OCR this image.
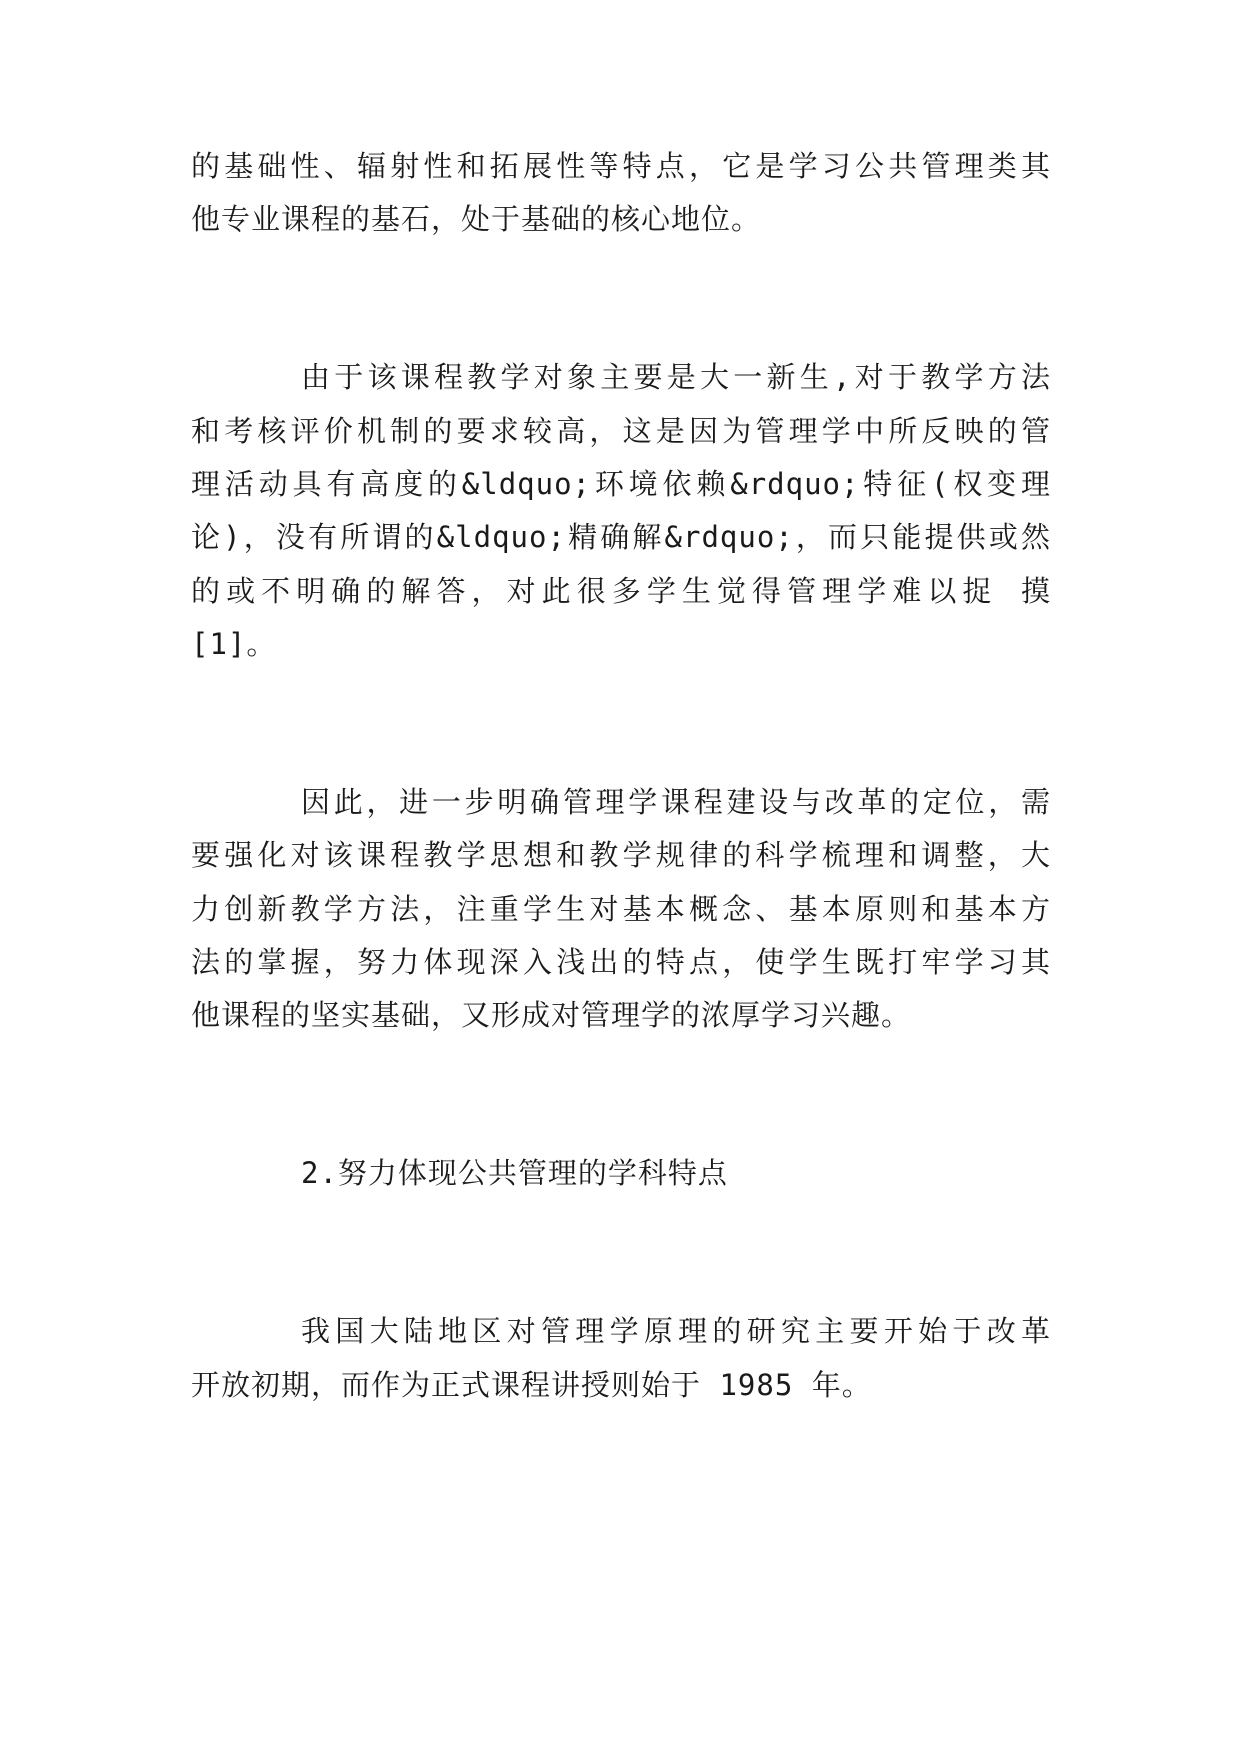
的基础性、辐射性和拓展性等特点，它是学习公共管理类其
他专业课程的基石，处于基础的核心地位。
由于该课程教学对象主要是大一新生,对于教学方法
和考核评价机制的要求较高，这是因为管理学中所反映的管
理活动具有高度的&ldquo;环境依赖&rdquo;特征(权变理
论)，没有所谓的&ldquo;精确解&rdquo;，而只能提供或然
的或不明确的解答，对此很多学生觉得管理学难以捉 摸
[1]。
因此，进一步明确管理学课程建设与改革的定位，需
要强化对该课程教学思想和教学规律的科学梳理和调整，大
力创新教学方法，注重学生对基本概念、基本原则和基本方
法的掌握，努力体现深入浅出的特点，使学生既打牢学习其
他课程的坚实基础，又形成对管理学的浓厚学习兴趣。
2.努力体现公共管理的学科特点
我国大陆地区对管理学原理的研究主要开始于改革
开放初期，而作为正式课程讲授则始于 1985 年。
